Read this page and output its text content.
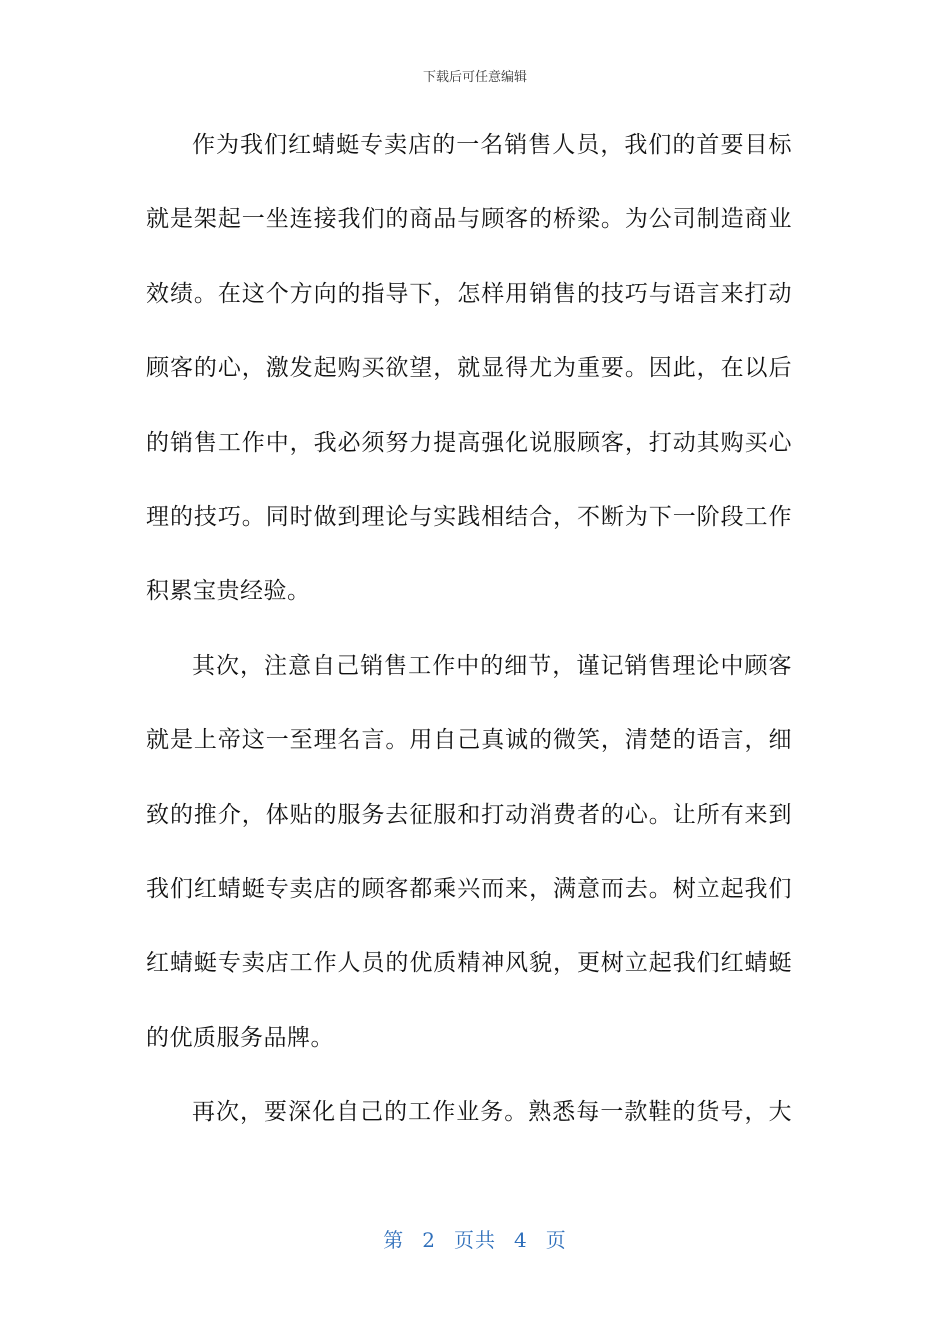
下载后可任意编辑
作为我们红蜻蜓专卖店的一名销售人员，我们的首要目标
就是架起一坐连接我们的商品与顾客的桥梁。为公司制造商业
效绩。在这个方向的指导下，怎样用销售的技巧与语言来打动
顾客的心，激发起购买欲望，就显得尤为重要。因此，在以后
的销售工作中，我必须努力提高强化说服顾客，打动其购买心
理的技巧。同时做到理论与实践相结合，不断为下一阶段工作
积累宝贵经验。
其次，注意自己销售工作中的细节，谨记销售理论中顾客
就是上帝这一至理名言。用自己真诚的微笑，清楚的语言，细
致的推介，体贴的服务去征服和打动消费者的心。让所有来到
我们红蜻蜓专卖店的顾客都乘兴而来，满意而去。树立起我们
红蜻蜓专卖店工作人员的优质精神风貌，更树立起我们红蜻蜓
的优质服务品牌。
再次，要深化自己的工作业务。熟悉每一款鞋的货号，大
第 2 页共 4 页
